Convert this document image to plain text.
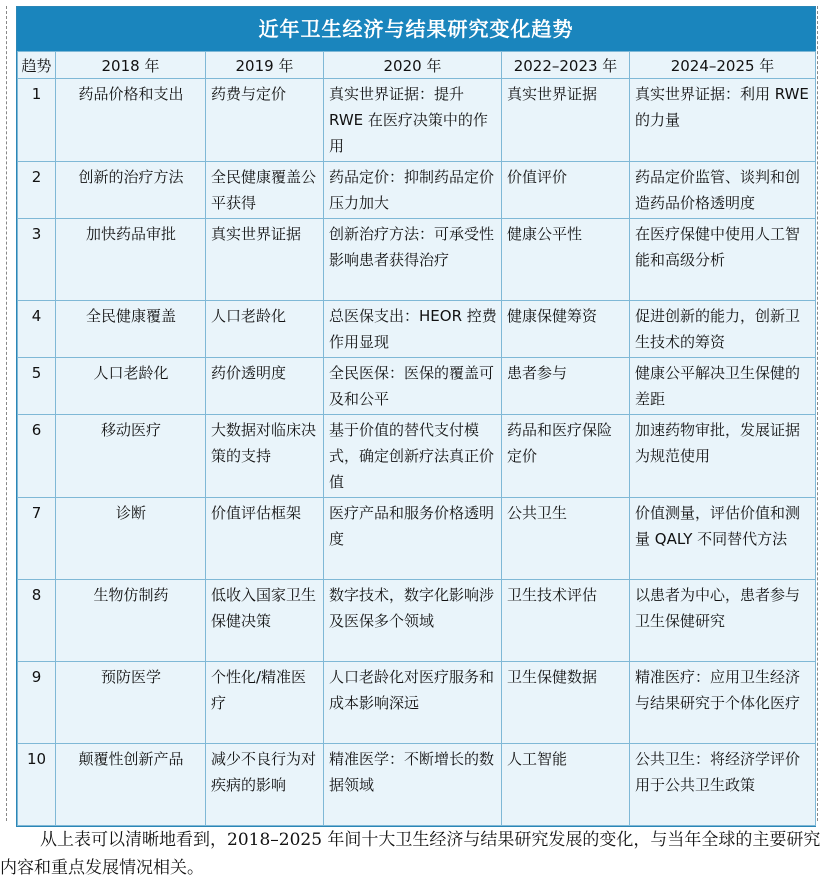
近年卫生经济与结果研究变化趋势
趋势	2018 年	2019 年	2020 年	2022–2023 年	2024–2025 年
1	药品价格和支出	药费与定价	真实世界证据：提升 RWE 在医疗决策中的作用	真实世界证据	真实世界证据：利用 RWE 的力量
2	创新的治疗方法	全民健康覆盖公平获得	药品定价：抑制药品定价压力加大	价值评价	药品定价监管、谈判和创造药品价格透明度
3	加快药品审批	真实世界证据	创新治疗方法：可承受性影响患者获得治疗	健康公平性	在医疗保健中使用人工智能和高级分析
4	全民健康覆盖	人口老龄化	总医保支出：HEOR 控费作用显现	健康保健筹资	促进创新的能力，创新卫生技术的筹资
5	人口老龄化	药价透明度	全民医保：医保的覆盖可及和公平	患者参与	健康公平解决卫生保健的差距
6	移动医疗	大数据对临床决策的支持	基于价值的替代支付模式，确定创新疗法真正价值	药品和医疗保险定价	加速药物审批，发展证据为规范使用
7	诊断	价值评估框架	医疗产品和服务价格透明度	公共卫生	价值测量，评估价值和测量 QALY 不同替代方法
8	生物仿制药	低收入国家卫生保健决策	数字技术，数字化影响涉及医保多个领域	卫生技术评估	以患者为中心，患者参与卫生保健研究
9	预防医学	个性化/精准医疗	人口老龄化对医疗服务和成本影响深远	卫生保健数据	精准医疗：应用卫生经济与结果研究于个体化医疗
10	颠覆性创新产品	减少不良行为对疾病的影响	精准医学：不断增长的数据领域	人工智能	公共卫生：将经济学评价用于公共卫生政策

从上表可以清晰地看到，2018–2025 年间十大卫生经济与结果研究发展的变化，与当年全球的主要研究内容和重点发展情况相关。
